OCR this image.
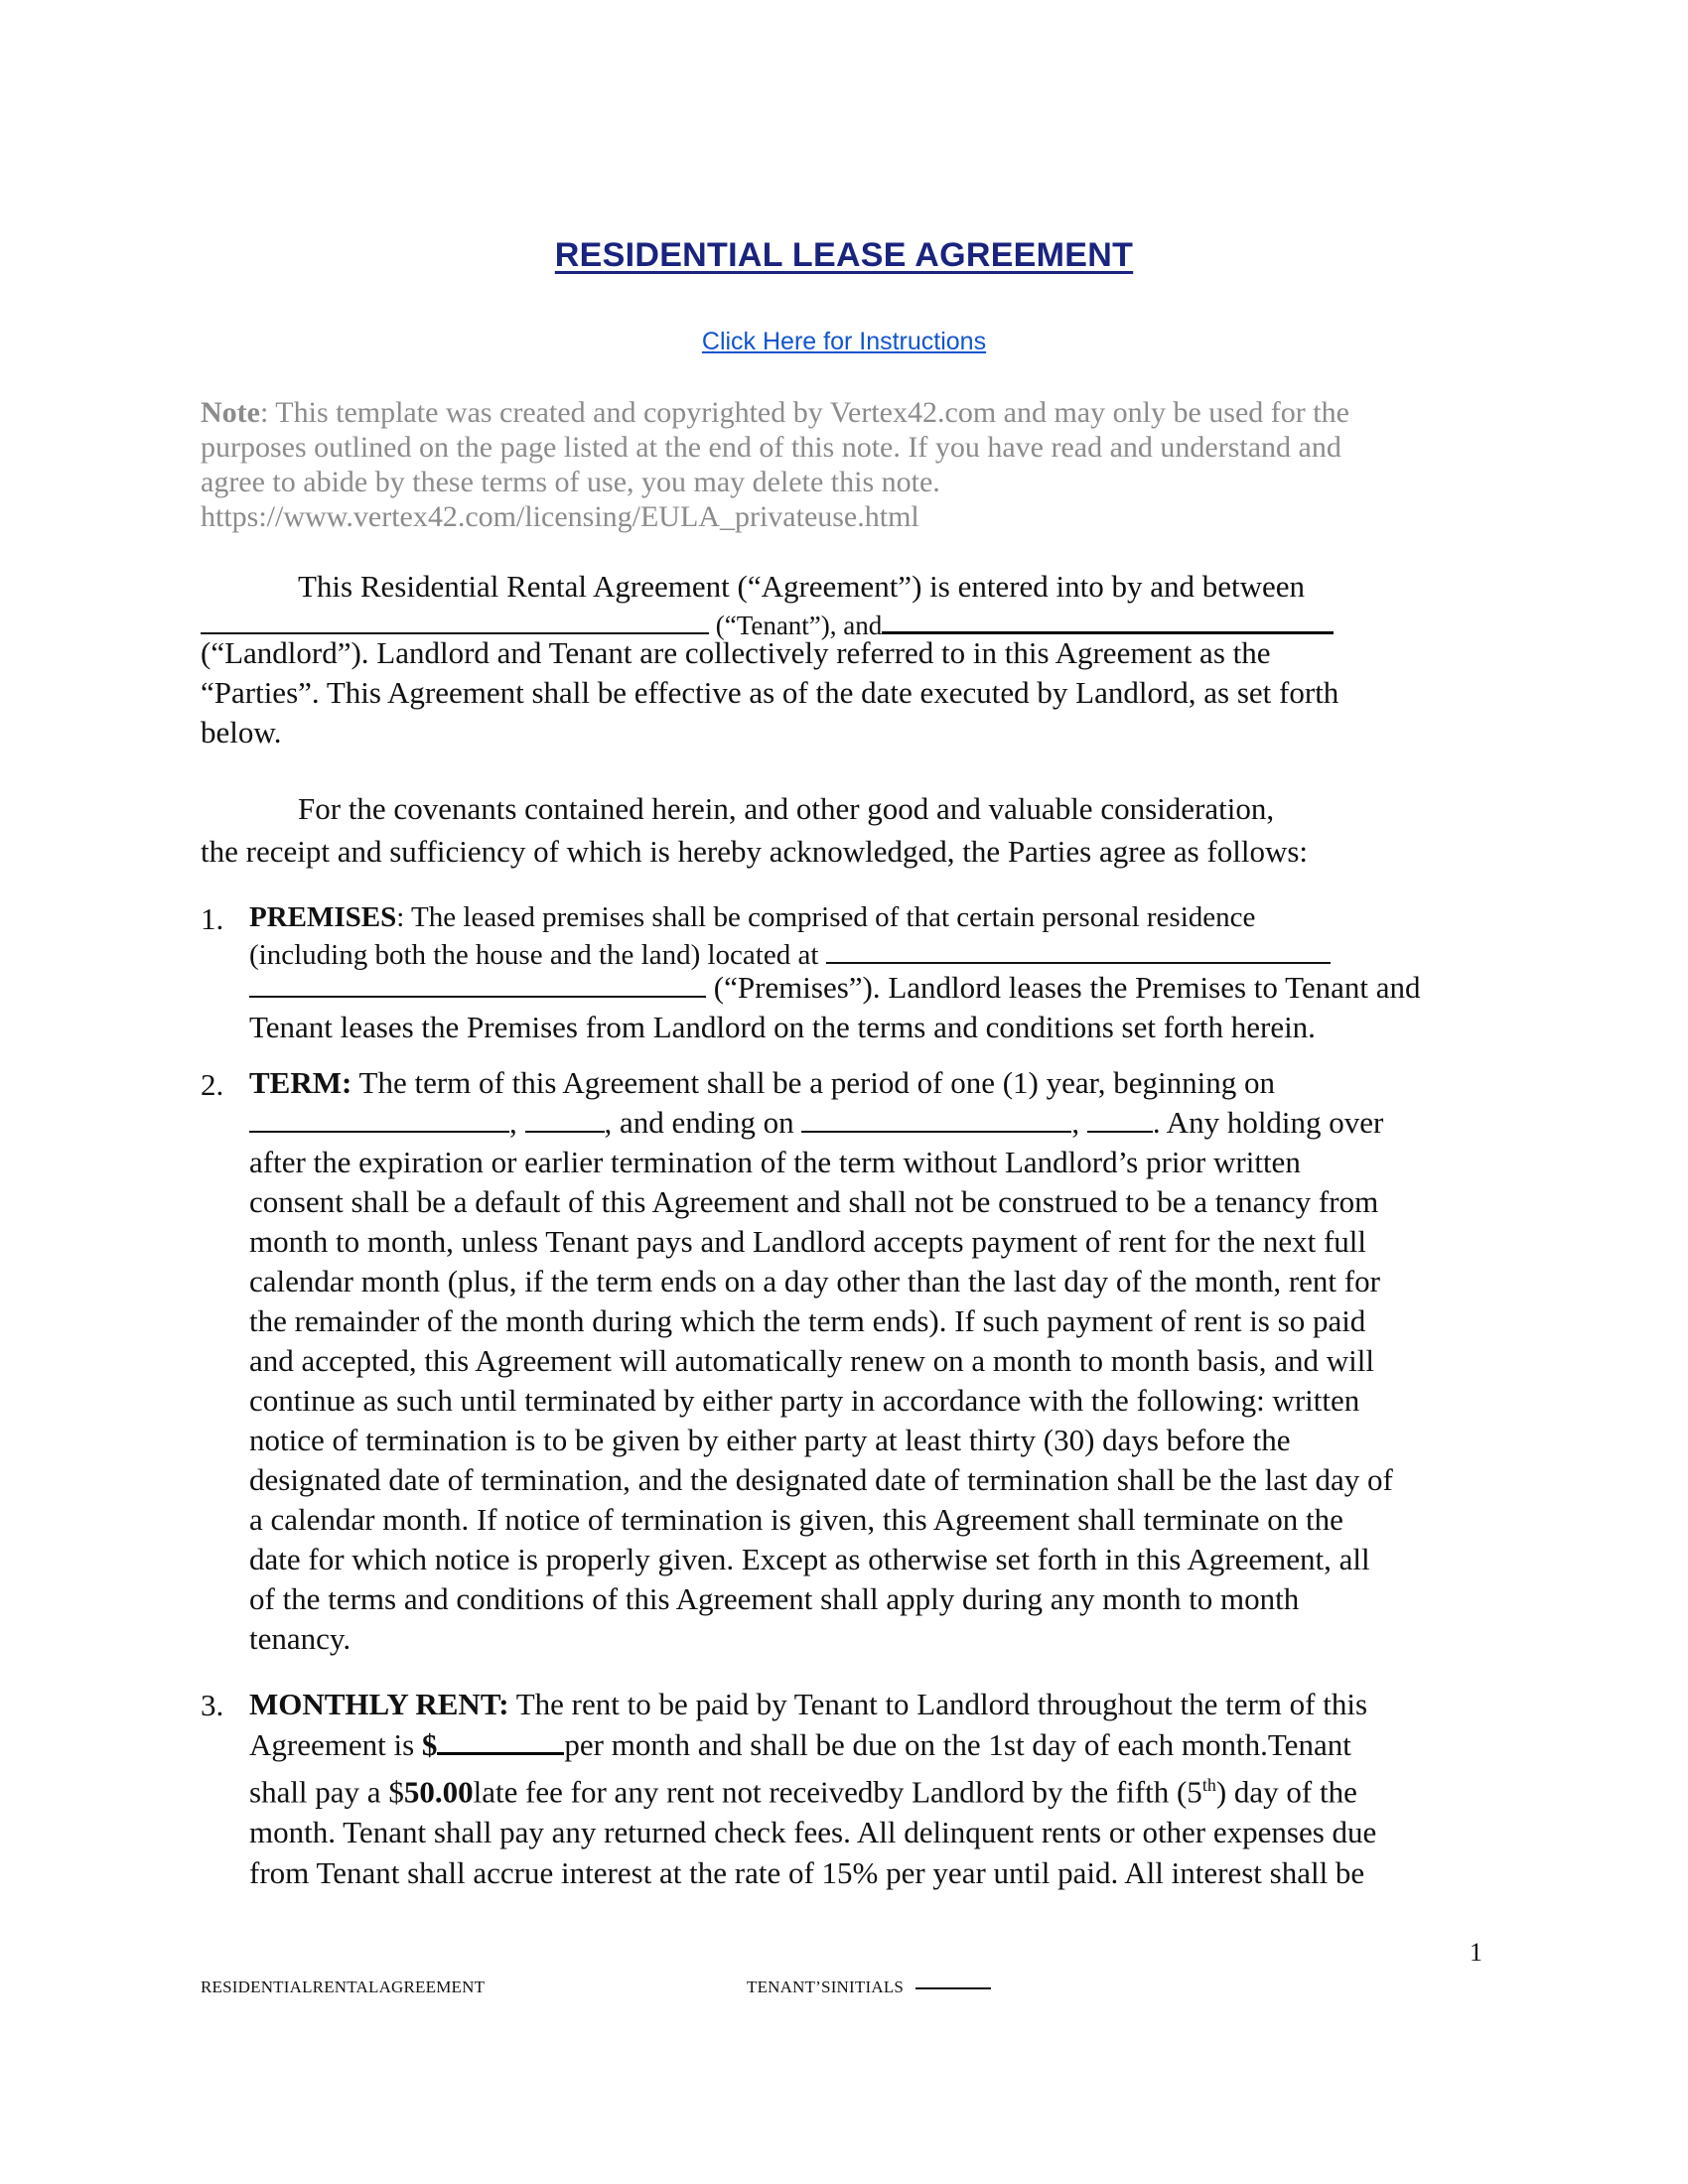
RESIDENTIAL LEASE AGREEMENT
Click Here for Instructions
Note: This template was created and copyrighted by Vertex42.com and may only be used for the
purposes outlined on the page listed at the end of this note. If you have read and understand and
agree to abide by these terms of use, you may delete this note.
https://www.vertex42.com/licensing/EULA_privateuse.html
This Residential Rental Agreement (“Agreement”) is entered into by and between
(“Tenant”), and
(“Landlord”). Landlord and Tenant are collectively referred to in this Agreement as the
“Parties”. This Agreement shall be effective as of the date executed by Landlord, as set forth
below.
For the covenants contained herein, and other good and valuable consideration,
the receipt and sufficiency of which is hereby acknowledged, the Parties agree as follows:
1. PREMISES: The leased premises shall be comprised of that certain personal residence
(including both the house and the land) located at
(“Premises”). Landlord leases the Premises to Tenant and
Tenant leases the Premises from Landlord on the terms and conditions set forth herein.
2. TERM: The term of this Agreement shall be a period of one (1) year, beginning on
,	, and ending on	, . Any holding over
after the expiration or earlier termination of the term without Landlord’s prior written
consent shall be a default of this Agreement and shall not be construed to be a tenancy from
month to month, unless Tenant pays and Landlord accepts payment of rent for the next full
calendar month (plus, if the term ends on a day other than the last day of the month, rent for
the remainder of the month during which the term ends). If such payment of rent is so paid
and accepted, this Agreement will automatically renew on a month to month basis, and will
continue as such until terminated by either party in accordance with the following: written
notice of termination is to be given by either party at least thirty (30) days before the
designated date of termination, and the designated date of termination shall be the last day of
a calendar month. If notice of termination is given, this Agreement shall terminate on the
date for which notice is properly given. Except as otherwise set forth in this Agreement, all
of the terms and conditions of this Agreement shall apply during any month to month
tenancy.
3. MONTHLY RENT: The rent to be paid by Tenant to Landlord throughout the term of this
Agreement is $	per month and shall be due on the 1st day of each month.Tenant
shall pay a $50.00late fee for any rent not receivedby Landlord by the fifth (5th) day of the
month. Tenant shall pay any returned check fees. All delinquent rents or other expenses due
from Tenant shall accrue interest at the rate of 15% per year until paid. All interest shall be
1
RESIDENTIALRENTALAGREEMENT	TENANT’SINITIALS
